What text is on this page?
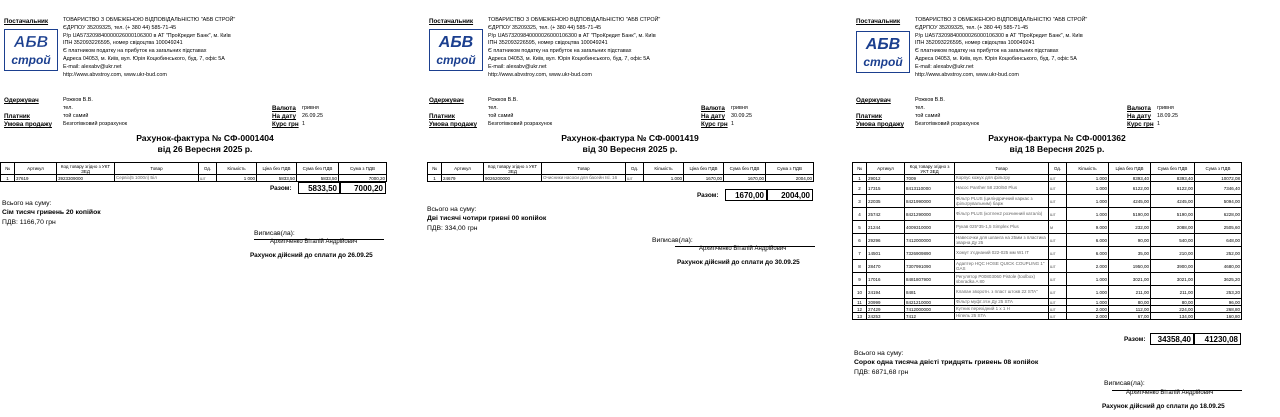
Постачальник
АБВ
строй
ТОВАРИСТВО З ОБМЕЖЕНОЮ ВІДПОВІДАЛЬНІСТЮ "АБВ СТРОЙ"
ЄДРПОУ 35209325, тел. (+ 380 44) 585-71-45
Р/р UA573209840000026000106300 в АТ "ПроКредит Банк", м. Київ
ІПН 352093226595, номер свідоцтва 100049241
Є платником податку на прибуток на загальних підставах
Адреса 04053, м. Київ, вул. Юрія Коцюбинського, буд. 7, офіс 5А
E-mail: alexabv@ukr.net
http://www.abvstroy.com, www.ukr-bud.com
Одержувач	Рожков В.В.
тел.	Валюта гривня
Платник	той самий	На дату 26.09.25
Умова продажу Безготівковий розрахунок	Курс грн 1
Рахунок-фактура № СФ-0001404
від 26 Вересня 2025 р.
№	Артикул	Код товару згідно з УКТ ЗЕД	Товар	Од.	Кількість	Ціна без ПДВ	Сума без ПДВ	Сума з ПДВ
1	37619	3923309000	Сервіз(5 1000л) Біл	шт	1 000	5833,50	5833,50	7000,20
Разом:	5833,50	7000,20
Всього на суму:
Сім тисяч гривень 20 копійок
ПДВ: 1166,70 грн
Виписав(ла):
Архипченко Віталій Андрійович
Рахунок дійсний до сплати до 26.09.25
Постачальник
АБВ
строй
ТОВАРИСТВО З ОБМЕЖЕНОЮ ВІДПОВІДАЛЬНІСТЮ "АБВ СТРОЙ"
ЄДРПОУ 35209325, тел. (+ 380 44) 585-71-45
Р/р UA573209840000026000106300 в АТ "ПроКредит Банк", м. Київ
ІПН 352093226595, номер свідоцтва 100049241
Є платником податку на прибуток на загальних підставах
Адреса 04053, м. Київ, вул. Юрія Коцюбинського, буд. 7, офіс 5А
E-mail: alexabv@ukr.net
http://www.abvstroy.com, www.ukr-bud.com
Одержувач	Рожков В.В.
тел.	Валюта гривня
Платник	той самий	На дату 30.09.25
Умова продажу Безготівковий розрахунок	Курс грн 1
Рахунок-фактура № СФ-0001419
від 30 Вересня 2025 р.
№	Артикул	Код товару згідно з УКТ ЗЕД	Товар	Од.	Кількість	Ціна без ПДВ	Сума без ПДВ	Сума з ПДВ
1	24679	9026200000	Очисники насоси для басейн Isl. 16	шт	1.000	1670,00	1670,00	2004,00
Разом:	1670,00	2004,00
Всього на суму:
Дві тисячі чотири гривні 00 копійок
ПДВ: 334,00 грн
Виписав(ла):
Архипченко Віталій Андрійович
Рахунок дійсний до сплати до 30.09.25
Постачальник
АБВ
строй
ТОВАРИСТВО З ОБМЕЖЕНОЮ ВІДПОВІДАЛЬНІСТЮ "АБВ СТРОЙ"
ЄДРПОУ 35209325, тел. (+ 380 44) 585-71-45
Р/р UA573209840000026000106300 в АТ "ПроКредит Банк", м. Київ
ІПН 352093226595, номер свідоцтва 100049241
Є платником податку на прибуток на загальних підставах
Адреса 04053, м. Київ, вул. Юрія Коцюбинського, буд. 7, офіс 5А
E-mail: alexabv@ukr.net
http://www.abvstroy.com, www.ukr-bud.com
Одержувач	Рожков В.В.
тел.	Валюта гривня
Платник	той самий	На дату 18.09.25
Умова продажу Безготівковий розрахунок	Курс грн 1
Рахунок-фактура № СФ-0001362
від 18 Вересня 2025 р.
№	Артикул	Код товару згідно з УКТ ЗЕД	Товар	Од.	Кількість	Ціна без ПДВ	Сума без ПДВ	Сума з ПДВ
1	29012	7009	Корпус кожух для фільтру	шт	1.000	8393,40	8393,40	10072,08
2	17315	8413110000	Насос Panther 58 230/50 Plus	шт	1.000	6122,00	6122,00	7346,40
3	22035	8421990000	Фільтр PLUS (циліндричний каркас з фільтрувальним) барж	шт	1.000	4245,00	4245,00	5094,00
4	25742	8421290000	Фільтр PLUS (котлен2 розчинний каталіз)	шт	1.000	5190,00	5190,00	6228,00
5	21244	4009310000	Рукав 025*35-1,5 Simplex Plus	м	9.000	232,00	2088,00	2505,60
6	29296	7412000000	Навесочки для шланга на 25мм з пластика зварна Ду 25	шт	6.000	90,00	540,00	648,00
7	14501	7326909890	Хомут з'єднаний 022-025 мм W1 IT	шт	6.000	35,00	210,00	252,00
8	28470	7307991090	Адаптер HQC HOSE QUICK COUPLING 1" GAS	шт	2.000	1950,00	3900,00	4680,00
9	17016	8481807900	Регулятор P00803060 Pistole (toolbox) sbnradka A 80	шт	1.000	3021,00	3021,00	3625,20
10	24194	8481	Клапан зворотн. з пласт штокв 22 STA"	шт	1.000	211,00	211,00	253,20
11	20999	8421210000	Фільтр муфт.з'єн Ду 25 STA	шт	1.000	80,00	80,00	96,00
12	27429	7412000000	Кутник перехідний 1 х 1 Н	шт	2.000	112,00	224,00	268,80
13	24253	7412	Ніпель 25 STA	шт	2.000	67,00	134,00	160,80
Разом:	34358,40	41230,08
Всього на суму:
Сорок одна тисяча двісті тридцять гривень 08 копійок
ПДВ: 6871,68 грн
Виписав(ла):
Архипченко Віталій Андрійович
Рахунок дійсний до сплати до 18.09.25
